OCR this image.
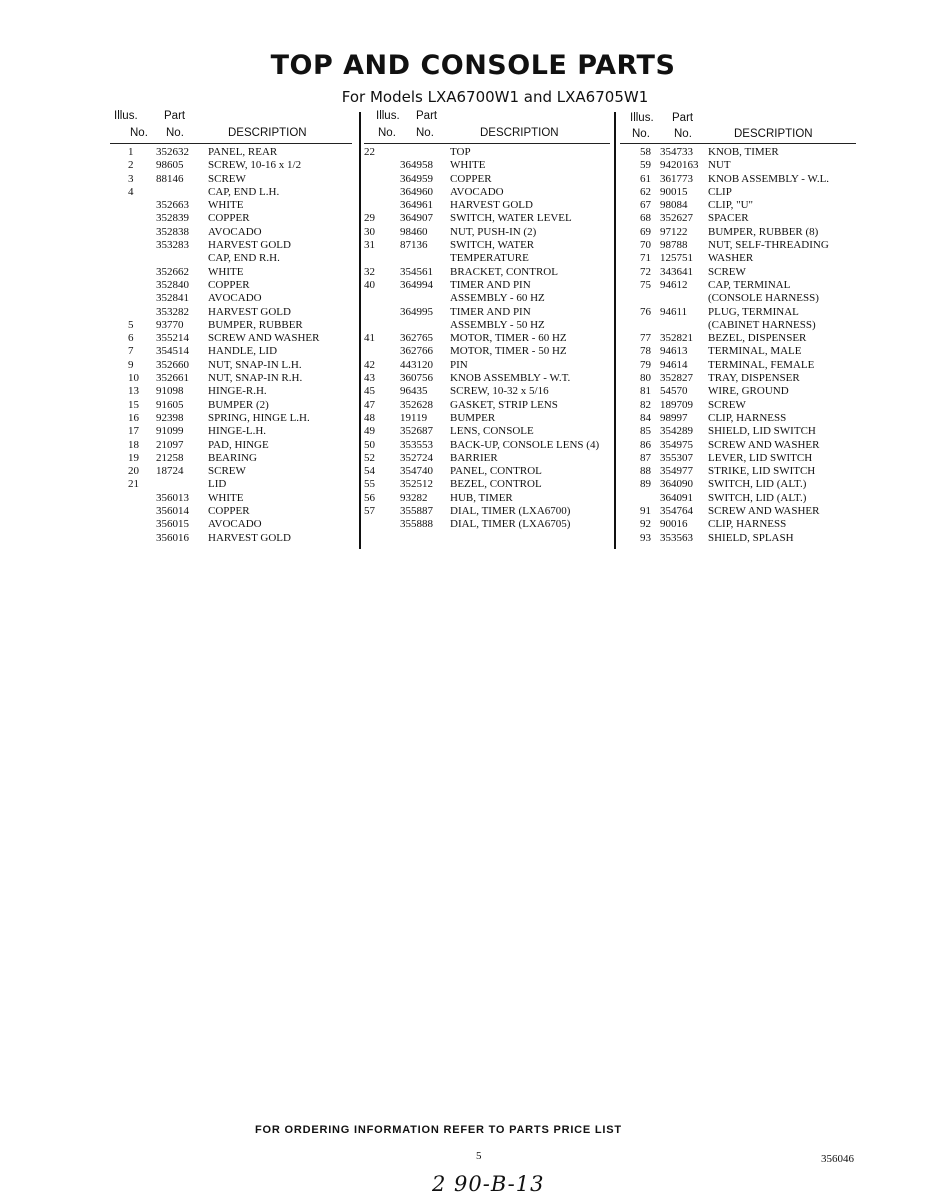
TOP AND CONSOLE PARTS
For Models LXA6700W1 and LXA6705W1
Illus. Part
No. No.	DESCRIPTION
1 352632 PANEL, REAR
2 98605 SCREW, 10-16 x 1/2
3 88146 SCREW
4	CAP, END L.H.
352663 WHITE
352839 COPPER
352838 AVOCADO
353283 HARVEST GOLD
CAP, END R.H.
352662 WHITE
352840 COPPER
352841 AVOCADO
353282 HARVEST GOLD
5 93770 BUMPER, RUBBER
6 355214 SCREW AND WASHER
7 354514 HANDLE, LID
9 352660 NUT, SNAP-IN L.H.
10 352661 NUT, SNAP-IN R.H.
13 91098 HINGE-R.H.
15 91605 BUMPER (2)
16 92398 SPRING, HINGE L.H.
17 91099 HINGE-L.H.
18 21097 PAD, HINGE
19 21258 BEARING
20 18724 SCREW
21	LID
356013 WHITE
356014 COPPER
356015 AVOCADO
356016 HARVEST GOLD
Illus. Part
No. No.	DESCRIPTION
22	TOP
364958 WHITE
364959 COPPER
364960 AVOCADO
364961 HARVEST GOLD
29 364907 SWITCH, WATER LEVEL
30 98460 NUT, PUSH-IN (2)
31 87136 SWITCH, WATER
TEMPERATURE
32 354561 BRACKET, CONTROL
40 364994 TIMER AND PIN
ASSEMBLY - 60 HZ
364995 TIMER AND PIN
ASSEMBLY - 50 HZ
41 362765 MOTOR, TIMER - 60 HZ
362766 MOTOR, TIMER - 50 HZ
42 443120 PIN
43 360756 KNOB ASSEMBLY - W.T.
45 96435 SCREW, 10-32 x 5/16
47 352628 GASKET, STRIP LENS
48 19119 BUMPER
49 352687 LENS, CONSOLE
50 353553 BACK-UP, CONSOLE LENS (4)
52 352724 BARRIER
54 354740 PANEL, CONTROL
55 352512 BEZEL, CONTROL
56 93282 HUB, TIMER
57 355887 DIAL, TIMER (LXA6700)
355888 DIAL, TIMER (LXA6705)
Illus. Part
No. No.	DESCRIPTION
58 354733 KNOB, TIMER
59 9420163 NUT
61 361773 KNOB ASSEMBLY - W.L.
62 90015 CLIP
67 98084 CLIP, "U"
68 352627 SPACER
69 97122 BUMPER, RUBBER (8)
70 98788 NUT, SELF-THREADING
71 125751 WASHER
72 343641 SCREW
75 94612 CAP, TERMINAL
(CONSOLE HARNESS)
76 94611 PLUG, TERMINAL
(CABINET HARNESS)
77 352821 BEZEL, DISPENSER
78 94613 TERMINAL, MALE
79 94614 TERMINAL, FEMALE
80 352827 TRAY, DISPENSER
81 54570 WIRE, GROUND
82 189709 SCREW
84 98997 CLIP, HARNESS
85 354289 SHIELD, LID SWITCH
86 354975 SCREW AND WASHER
87 355307 LEVER, LID SWITCH
88 354977 STRIKE, LID SWITCH
89 364090 SWITCH, LID (ALT.)
364091 SWITCH, LID (ALT.)
91 354764 SCREW AND WASHER
92 90016 CLIP, HARNESS
93 353563 SHIELD, SPLASH
FOR ORDERING INFORMATION REFER TO PARTS PRICE LIST
5	356046
2 90-B-13
